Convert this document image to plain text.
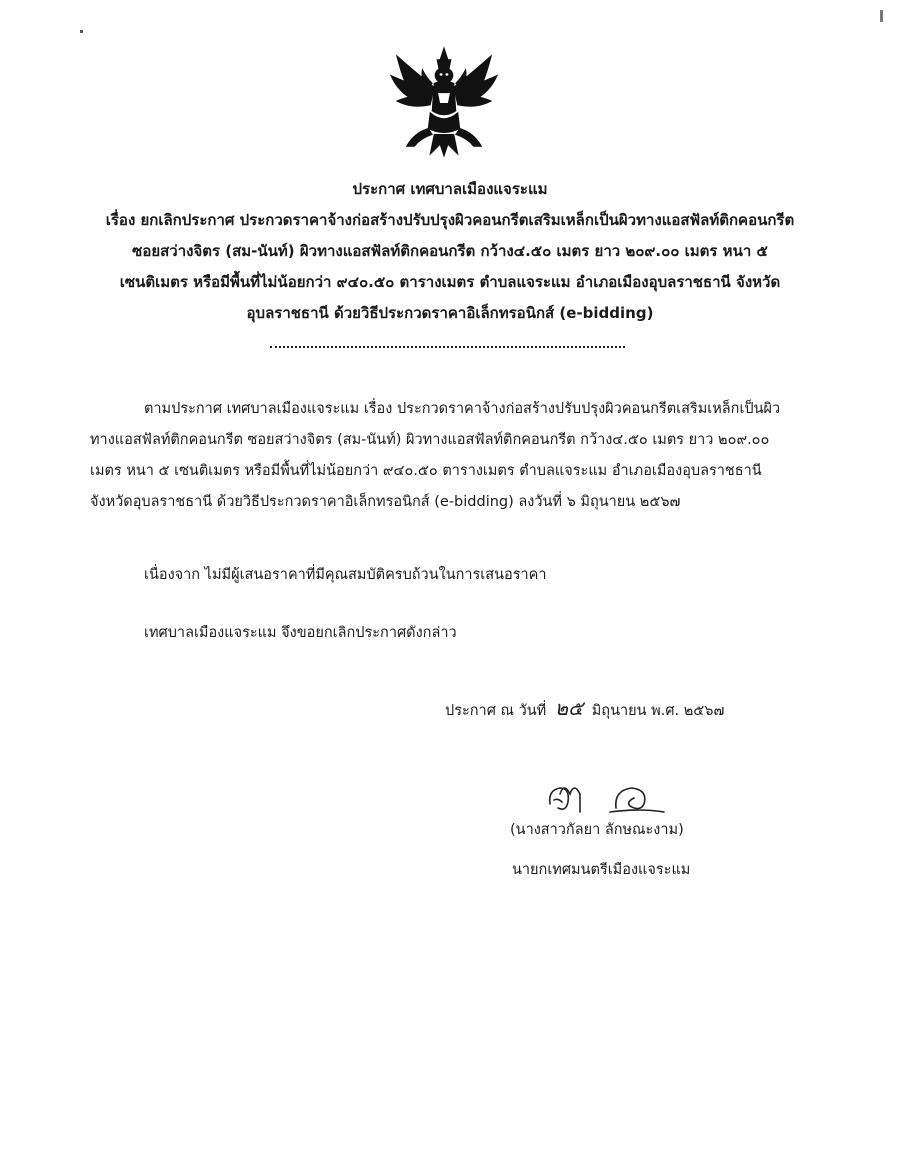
ประกาศ เทศบาลเมืองแจระแม
เรื่อง ยกเลิกประกาศ ประกวดราคาจ้างก่อสร้างปรับปรุงผิวคอนกรีตเสริมเหล็กเป็นผิวทางแอสฟัลท์ติกคอนกรีต
ซอยสว่างจิตร (สม-นันท์) ผิวทางแอสฟัลท์ติกคอนกรีต กว้าง๔.๕๐ เมตร ยาว ๒๐๙.๐๐ เมตร หนา ๕
เซนติเมตร หรือมีพื้นที่ไม่น้อยกว่า ๙๔๐.๕๐ ตารางเมตร ตำบลแจระแม อำเภอเมืองอุบลราชธานี จังหวัด
อุบลราชธานี ด้วยวิธีประกวดราคาอิเล็กทรอนิกส์ (e-bidding)
ตามประกาศ เทศบาลเมืองแจระแม เรื่อง ประกวดราคาจ้างก่อสร้างปรับปรุงผิวคอนกรีตเสริมเหล็กเป็นผิว
ทางแอสฟัลท์ติกคอนกรีต ซอยสว่างจิตร (สม-นันท์) ผิวทางแอสฟัลท์ติกคอนกรีต กว้าง๔.๕๐ เมตร ยาว ๒๐๙.๐๐
เมตร หนา ๕ เซนติเมตร หรือมีพื้นที่ไม่น้อยกว่า ๙๔๐.๕๐ ตารางเมตร ตำบลแจระแม อำเภอเมืองอุบลราชธานี
จังหวัดอุบลราชธานี ด้วยวิธีประกวดราคาอิเล็กทรอนิกส์ (e-bidding) ลงวันที่ ๖ มิถุนายน ๒๕๖๗
เนื่องจาก ไม่มีผู้เสนอราคาที่มีคุณสมบัติครบถ้วนในการเสนอราคา
เทศบาลเมืองแจระแม จึงขอยกเลิกประกาศดังกล่าว
ประกาศ ณ วันที่ ๒๕ มิถุนายน พ.ศ. ๒๕๖๗
(นางสาวกัลยา ลักษณะงาม)
นายกเทศมนตรีเมืองแจระแม
